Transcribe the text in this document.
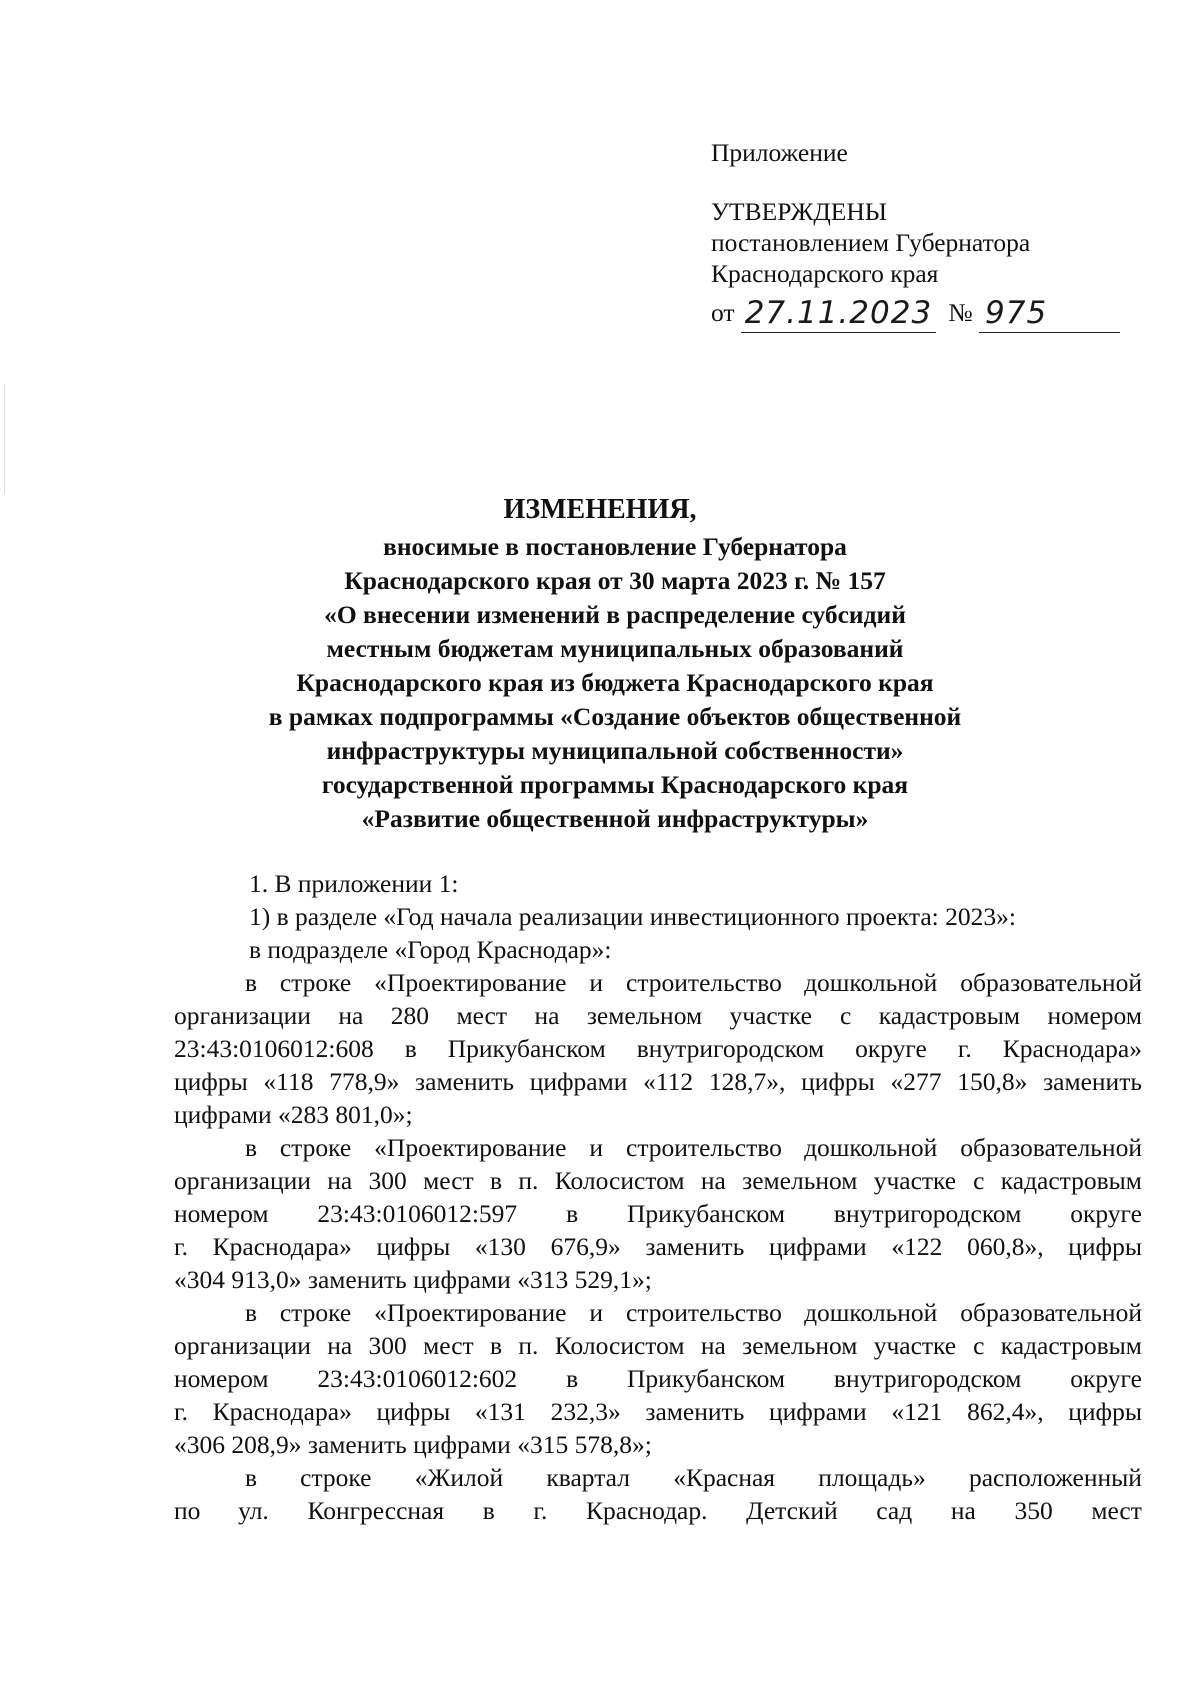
Приложение
УТВЕРЖДЕНЫ
постановлением Губернатора
Краснодарского края
от 27.11.2023 № 975
ИЗМЕНЕНИЯ,
вносимые в постановление Губернатора
Краснодарского края от 30 марта 2023 г. № 157
«О внесении изменений в распределение субсидий
местным бюджетам муниципальных образований
Краснодарского края из бюджета Краснодарского края
в рамках подпрограммы «Создание объектов общественной
инфраструктуры муниципальной собственности»
государственной программы Краснодарского края
«Развитие общественной инфраструктуры»
1. В приложении 1:
1) в разделе «Год начала реализации инвестиционного проекта: 2023»:
в подразделе «Город Краснодар»:
в строке «Проектирование и строительство дошкольной образовательной
организации на 280 мест на земельном участке с кадастровым номером
23:43:0106012:608 в Прикубанском внутригородском округе г. Краснодара»
цифры «118 778,9» заменить цифрами «112 128,7», цифры «277 150,8» заменить
цифрами «283 801,0»;
в строке «Проектирование и строительство дошкольной образовательной
организации на 300 мест в п. Колосистом на земельном участке с кадастровым
номером 23:43:0106012:597 в Прикубанском внутригородском округе
г. Краснодара» цифры «130 676,9» заменить цифрами «122 060,8», цифры
«304 913,0» заменить цифрами «313 529,1»;
в строке «Проектирование и строительство дошкольной образовательной
организации на 300 мест в п. Колосистом на земельном участке с кадастровым
номером 23:43:0106012:602 в Прикубанском внутригородском округе
г. Краснодара» цифры «131 232,3» заменить цифрами «121 862,4», цифры
«306 208,9» заменить цифрами «315 578,8»;
в строке «Жилой квартал «Красная площадь» расположенный
по ул. Конгрессная в г. Краснодар. Детский сад на 350 мест
